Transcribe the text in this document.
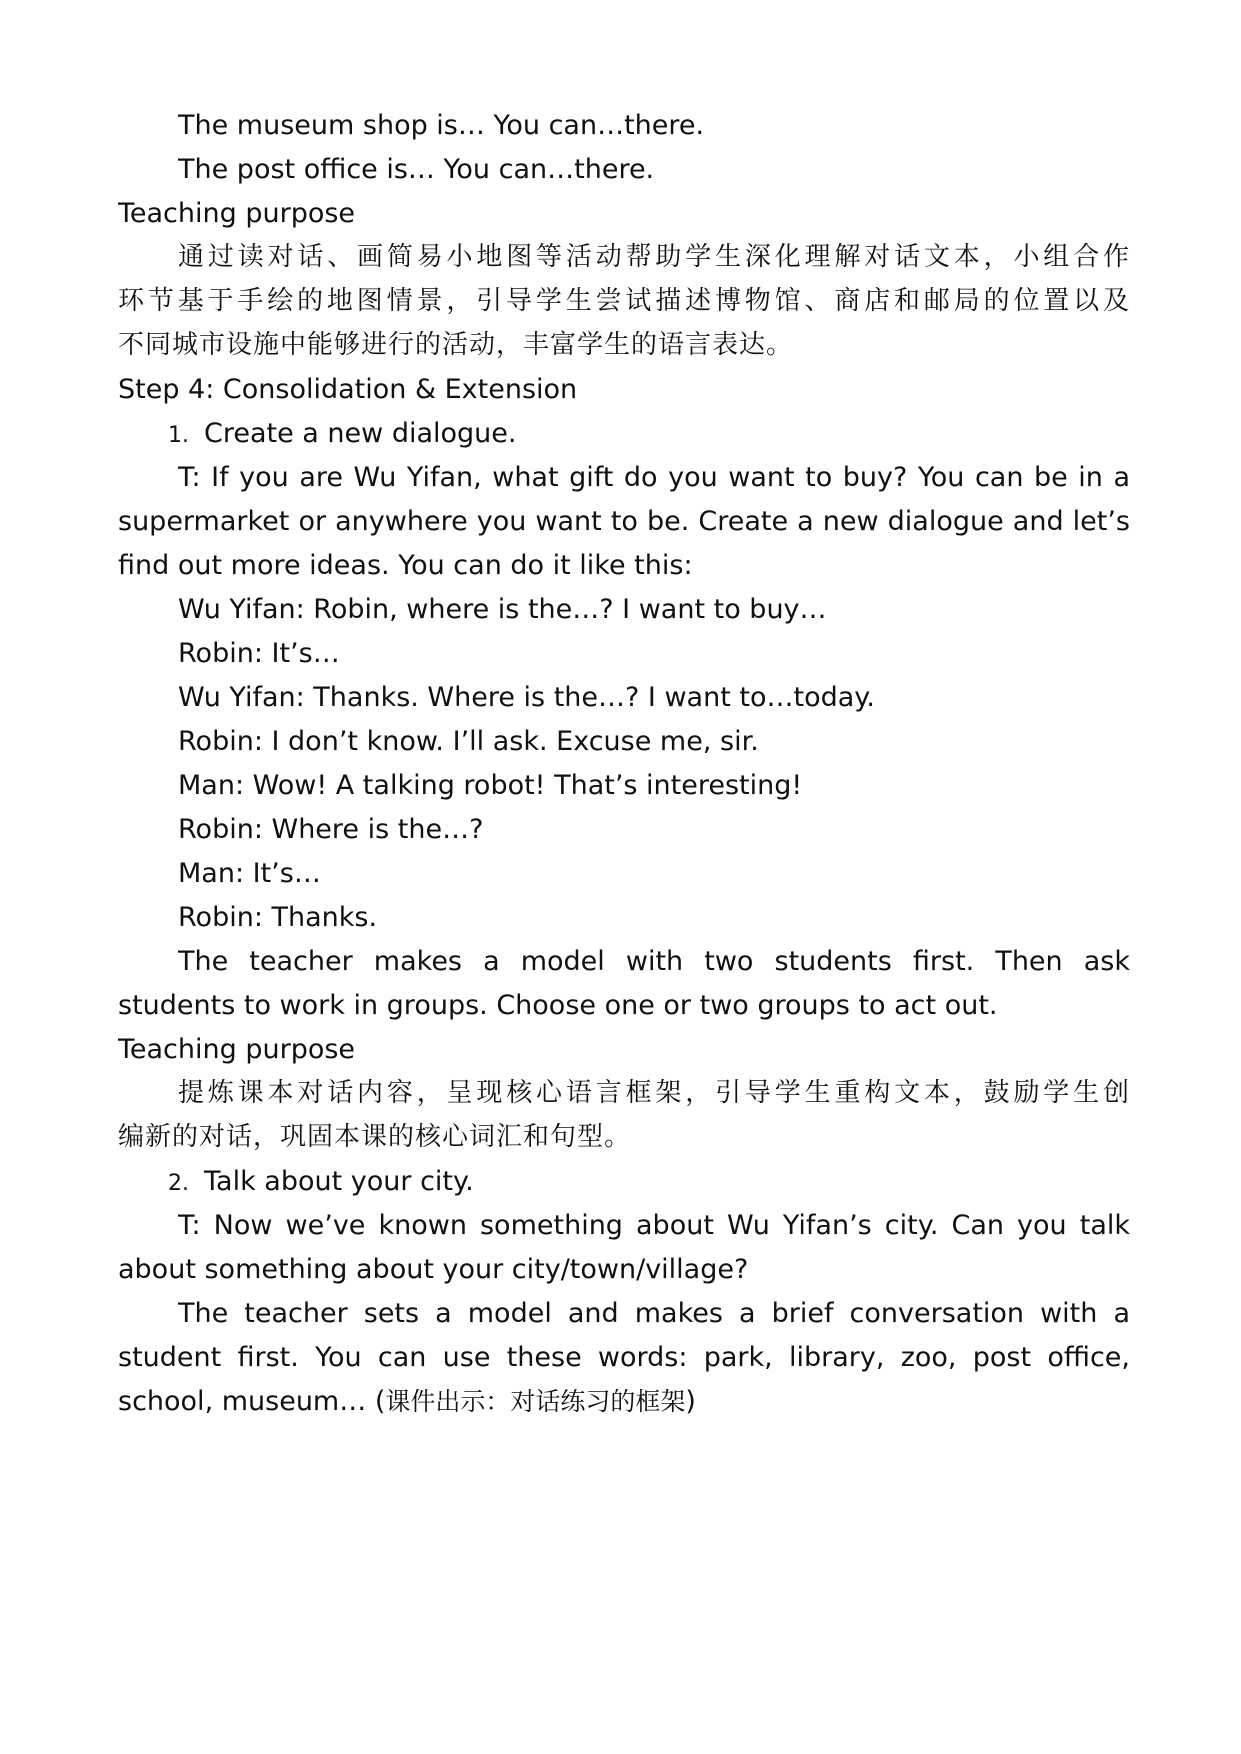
The museum shop is… You can…there.
The post office is… You can…there.
Teaching purpose
通过读对话、画简易小地图等活动帮助学生深化理解对话文本，小组合作
环节基于手绘的地图情景，引导学生尝试描述博物馆、商店和邮局的位置以及
不同城市设施中能够进行的活动，丰富学生的语言表达。
Step 4: Consolidation & Extension
1. Create a new dialogue.
T: If you are Wu Yifan, what gift do you want to buy? You can be in a
supermarket or anywhere you want to be. Create a new dialogue and let’s
find out more ideas. You can do it like this:
Wu Yifan: Robin, where is the…? I want to buy…
Robin: It’s…
Wu Yifan: Thanks. Where is the…? I want to…today.
Robin: I don’t know. I’ll ask. Excuse me, sir.
Man: Wow! A talking robot! That’s interesting!
Robin: Where is the…?
Man: It’s…
Robin: Thanks.
The teacher makes a model with two students first. Then ask
students to work in groups. Choose one or two groups to act out.
Teaching purpose
提炼课本对话内容，呈现核心语言框架，引导学生重构文本，鼓励学生创
编新的对话，巩固本课的核心词汇和句型。
2. Talk about your city.
T: Now we’ve known something about Wu Yifan’s city. Can you talk
about something about your city/town/village?
The teacher sets a model and makes a brief conversation with a
student first. You can use these words: park, library, zoo, post office,
school, museum… (课件出示：对话练习的框架)
